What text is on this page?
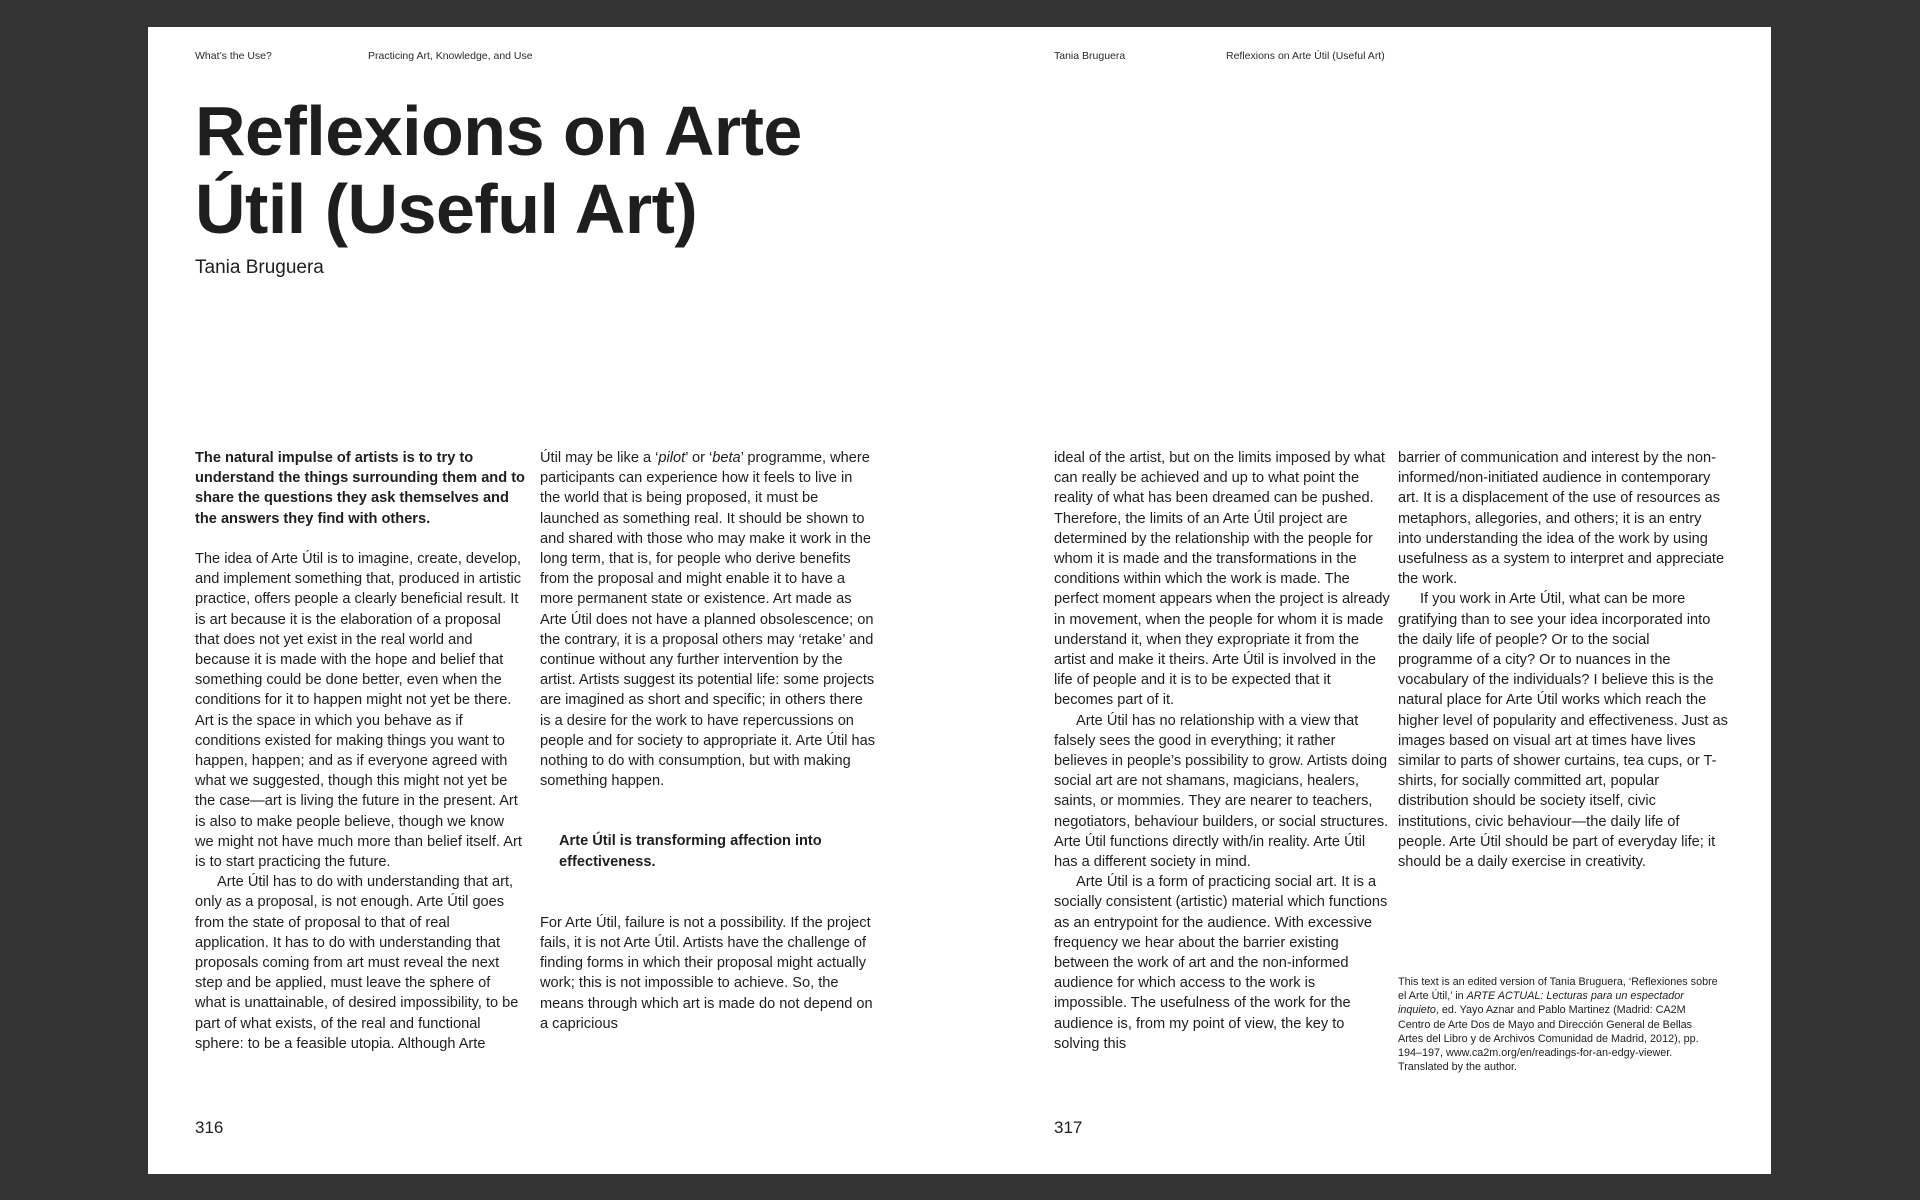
What’s the Use?	Practicing Art, Knowledge, and Use
Reflexions on Arte Útil (Useful Art)
Tania Bruguera

The natural impulse of artists is to try to understand the things surrounding them and to share the questions they ask themselves and the answers they find with others.

The idea of Arte Útil is to imagine, create, develop, and implement something that, produced in artistic practice, offers people a clearly beneficial result. It is art because it is the elaboration of a proposal that does not yet exist in the real world and because it is made with the hope and belief that something could be done better, even when the conditions for it to happen might not yet be there. Art is the space in which you behave as if conditions existed for making things you want to happen, happen; and as if everyone agreed with what we suggested, though this might not yet be the case—art is living the future in the present. Art is also to make people believe, though we know we might not have much more than belief itself. Art is to start practicing the future.

Arte Útil has to do with understanding that art, only as a proposal, is not enough. Arte Útil goes from the state of proposal to that of real application. It has to do with understanding that proposals coming from art must reveal the next step and be applied, must leave the sphere of what is unattainable, of desired impossibility, to be part of what exists, of the real and functional sphere: to be a feasible utopia. Although Arte

Útil may be like a ‘pilot’ or ‘beta’ programme, where participants can experience how it feels to live in the world that is being proposed, it must be launched as something real. It should be shown to and shared with those who may make it work in the long term, that is, for people who derive benefits from the proposal and might enable it to have a more permanent state or existence. Art made as Arte Útil does not have a planned obsolescence; on the contrary, it is a proposal others may ‘retake’ and continue without any further intervention by the artist. Artists suggest its potential life: some projects are imagined as short and specific; in others there is a desire for the work to have repercussions on people and for society to appropriate it. Arte Útil has nothing to do with consumption, but with making something happen.

Arte Útil is transforming affection into effectiveness.

For Arte Útil, failure is not a possibility. If the project fails, it is not Arte Útil. Artists have the challenge of finding forms in which their proposal might actually work; this is not impossible to achieve. So, the means through which art is made do not depend on a capricious

316
Tania Bruguera	Reflexions on Arte Útil (Useful Art)

ideal of the artist, but on the limits imposed by what can really be achieved and up to what point the reality of what has been dreamed can be pushed. Therefore, the limits of an Arte Útil project are determined by the relationship with the people for whom it is made and the transformations in the conditions within which the work is made. The perfect moment appears when the project is already in movement, when the people for whom it is made understand it, when they expropriate it from the artist and make it theirs. Arte Útil is involved in the life of people and it is to be expected that it becomes part of it.

Arte Útil has no relationship with a view that falsely sees the good in everything; it rather believes in people’s possibility to grow. Artists doing social art are not shamans, magicians, healers, saints, or mommies. They are nearer to teachers, negotiators, behaviour builders, or social structures. Arte Útil functions directly with/in reality. Arte Útil has a different society in mind.

Arte Útil is a form of practicing social art. It is a socially consistent (artistic) material which functions as an entrypoint for the audience. With excessive frequency we hear about the barrier existing between the work of art and the non-informed audience for which access to the work is impossible. The usefulness of the work for the audience is, from my point of view, the key to solving this

barrier of communication and interest by the non-informed/non-initiated audience in contemporary art. It is a displacement of the use of resources as metaphors, allegories, and others; it is an entry into understanding the idea of the work by using usefulness as a system to interpret and appreciate the work.

If you work in Arte Útil, what can be more gratifying than to see your idea incorporated into the daily life of people? Or to the social programme of a city? Or to nuances in the vocabulary of the individuals? I believe this is the natural place for Arte Útil works which reach the higher level of popularity and effectiveness. Just as images based on visual art at times have lives similar to parts of shower curtains, tea cups, or T-shirts, for socially committed art, popular distribution should be society itself, civic institutions, civic behaviour—the daily life of people. Arte Útil should be part of everyday life; it should be a daily exercise in creativity.

This text is an edited version of Tania Bruguera, ‘Reflexiones sobre el Arte Útil,’ in ARTE ACTUAL: Lecturas para un espectador inquieto, ed. Yayo Aznar and Pablo Martinez (Madrid: CA2M Centro de Arte Dos de Mayo and Dirección General de Bellas Artes del Libro y de Archivos Comunidad de Madrid, 2012), pp. 194–197, www.ca2m.org/en/readings-for-an-edgy-viewer. Translated by the author.
317
